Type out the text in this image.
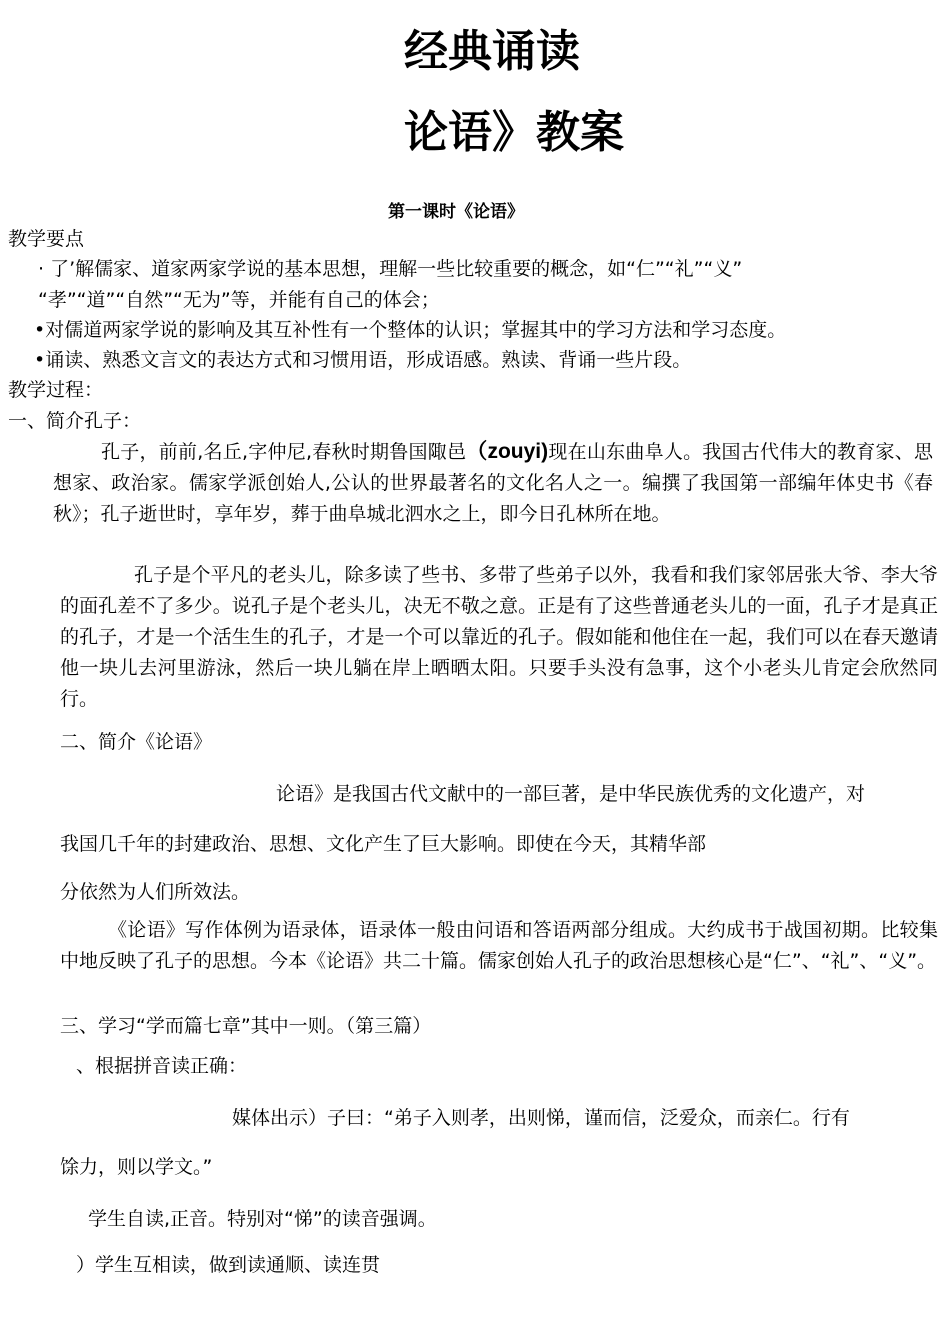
经典诵读
论语》教案
第一课时《论语》
教学要点
· 了’解儒家、道家两家学说的基本思想，理解一些比较重要的概念，如“仁”“礼”“义”
“孝”“道”“自然”“无为”等，并能有自己的体会；
•对儒道两家学说的影响及其互补性有一个整体的认识；掌握其中的学习方法和学习态度。
•诵读、熟悉文言文的表达方式和习惯用语，形成语感。熟读、背诵一些片段。
教学过程：
一、简介孔子：
孔子，前前,名丘,字仲尼,春秋时期鲁国陬邑（zouyi)现在山东曲阜人。我国古代伟大的教育家、思想家、政治家。儒家学派创始人,公认的世界最著名的文化名人之一。编撰了我国第一部编年体史书《春秋》；孔子逝世时，享年岁，葬于曲阜城北泗水之上，即今日孔林所在地。
孔子是个平凡的老头儿，除多读了些书、多带了些弟子以外，我看和我们家邻居张大爷、李大爷的面孔差不了多少。说孔子是个老头儿，决无不敬之意。正是有了这些普通老头儿的一面，孔子才是真正的孔子，才是一个活生生的孔子，才是一个可以靠近的孔子。假如能和他住在一起，我们可以在春天邀请他一块儿去河里游泳，然后一块儿躺在岸上晒晒太阳。只要手头没有急事，这个小老头儿肯定会欣然同行。
二、简介《论语》
论语》是我国古代文献中的一部巨著，是中华民族优秀的文化遗产，对
我国几千年的封建政治、思想、文化产生了巨大影响。即使在今天，其精华部
分依然为人们所效法。
《论语》写作体例为语录体，语录体一般由问语和答语两部分组成。大约成书于战国初期。比较集中地反映了孔子的思想。今本《论语》共二十篇。儒家创始人孔子的政治思想核心是“仁”、“礼”、“义”。
三、学习“学而篇七章”其中一则。（第三篇）
、根据拼音读正确：
媒体出示）子曰：“弟子入则孝，出则悌，谨而信，泛爱众，而亲仁。行有
馀力，则以学文。”
学生自读,正音。特别对“悌”的读音强调。
）学生互相读，做到读通顺、读连贯
